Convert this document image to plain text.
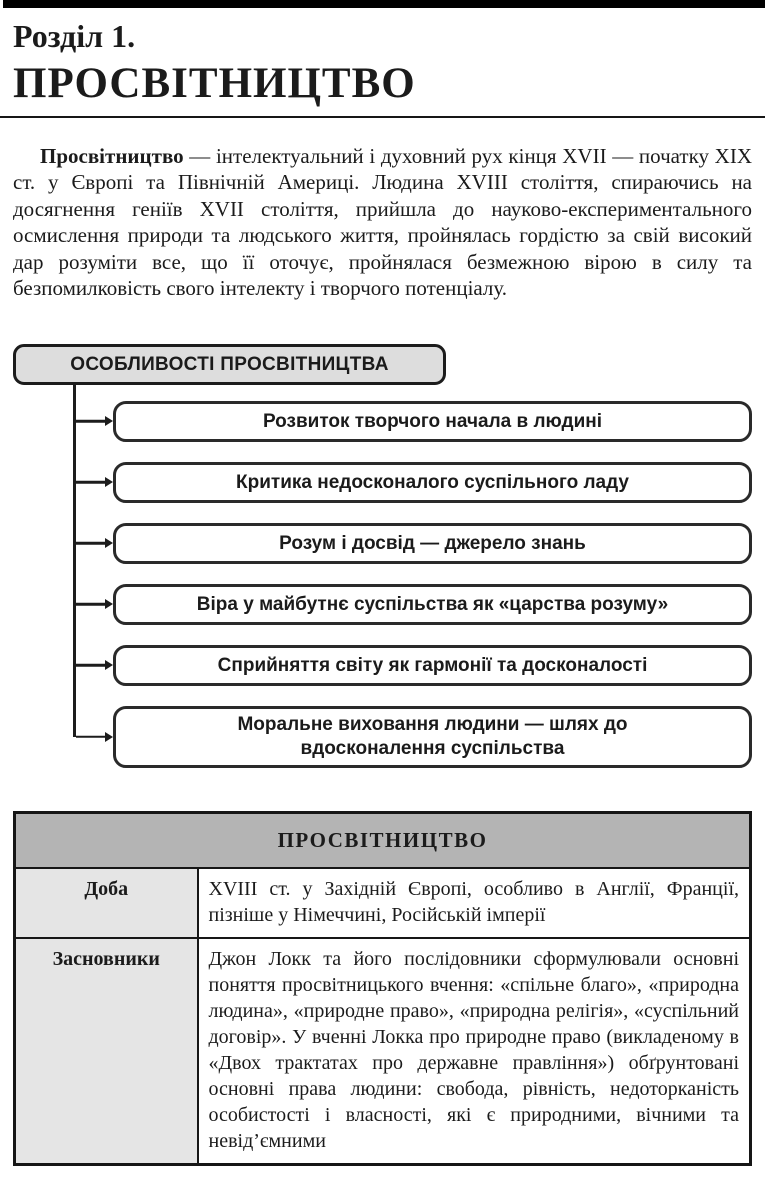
Розділ 1.
ПРОСВІТНИЦТВО

Просвітництво — інтелектуальний і духовний рух кінця XVII — початку XIX ст. у Європі та Північній Америці. Людина XVIII століття, спираючись на досягнення геніїв XVII століття, прийшла до науково-експериментального осмислення природи та людського життя, пройнялась гордістю за свій високий дар розуміти все, що її оточує, пройнялася безмежною вірою в силу та безпомилковість свого інтелекту і творчого потенціалу.

ОСОБЛИВОСТІ ПРОСВІТНИЦТВА
Розвиток творчого начала в людині
Критика недосконалого суспільного ладу
Розум і досвід — джерело знань
Віра у майбутнє суспільства як «царства розуму»
Сприйняття світу як гармонії та досконалості
Моральне виховання людини — шлях до вдосконалення суспільства
ПРОСВІТНИЦТВО	
Доба	XVIII ст. у Західній Європі, особливо в Англії, Франції, пізніше у Німеччині, Російській імперії
Засновники	Джон Локк та його послідовники сформулювали основні поняття просвітницького вчення: «спільне благо», «природна людина», «природне право», «природна релігія», «суспільний договір». У вченні Локка про природне право (викладеному в «Двох трактатах про державне правління») обґрунтовані основні права людини: свобода, рівність, недоторканість особистості і власності, які є природними, вічними та невід’ємними
